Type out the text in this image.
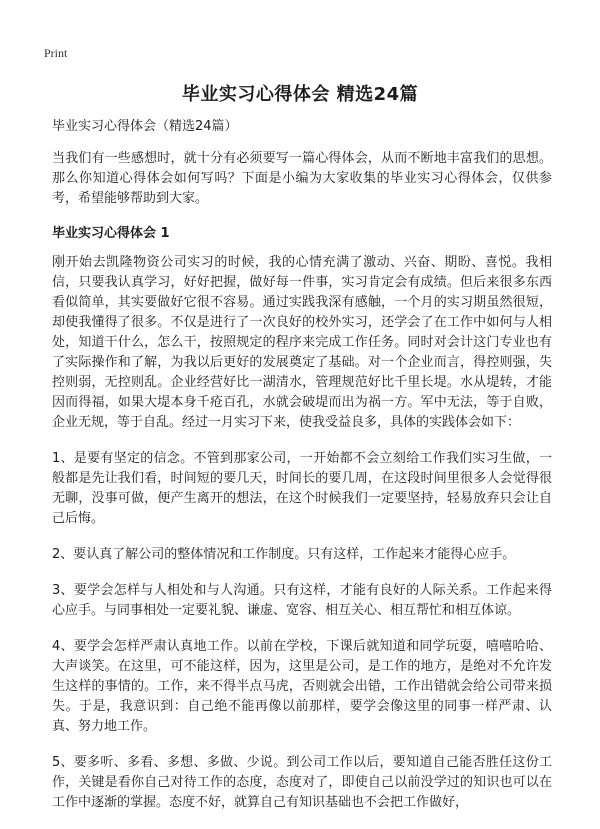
Print
毕业实习心得体会 精选24篇
毕业实习心得体会（精选24篇）

当我们有一些感想时，就十分有必须要写一篇心得体会，从而不断地丰富我们的思想。那么你知道心得体会如何写吗？下面是小编为大家收集的毕业实习心得体会，仅供参考，希望能够帮助到大家。

毕业实习心得体会 1

刚开始去凯隆物资公司实习的时候，我的心情充满了激动、兴奋、期盼、喜悦。我相信，只要我认真学习，好好把握，做好每一件事，实习肯定会有成绩。但后来很多东西看似简单，其实要做好它很不容易。通过实践我深有感触，一个月的实习期虽然很短，却使我懂得了很多。不仅是进行了一次良好的校外实习，还学会了在工作中如何与人相处，知道干什么，怎么干，按照规定的程序来完成工作任务。同时对会计这门专业也有了实际操作和了解，为我以后更好的发展奠定了基础。对一个企业而言，得控则强，失控则弱，无控则乱。企业经营好比一湖清水，管理规范好比千里长堤。水从堤转，才能因而得福，如果大堤本身千疮百孔，水就会破堤而出为祸一方。军中无法，等于自败，企业无规，等于自乱。经过一月实习下来，使我受益良多，具体的实践体会如下：

1、是要有坚定的信念。不管到那家公司，一开始都不会立刻给工作我们实习生做，一般都是先让我们看，时间短的要几天，时间长的要几周，在这段时间里很多人会觉得很无聊，没事可做，便产生离开的想法，在这个时候我们一定要坚持，轻易放弃只会让自己后悔。

2、要认真了解公司的整体情况和工作制度。只有这样，工作起来才能得心应手。

3、要学会怎样与人相处和与人沟通。只有这样，才能有良好的人际关系。工作起来得心应手。与同事相处一定要礼貌、谦虚、宽容、相互关心、相互帮忙和相互体谅。

4、要学会怎样严肃认真地工作。以前在学校，下课后就知道和同学玩耍，嘻嘻哈哈、大声谈笑。在这里，可不能这样，因为，这里是公司，是工作的地方，是绝对不允许发生这样的事情的。工作，来不得半点马虎，否则就会出错，工作出错就会给公司带来损失。于是，我意识到：自己绝不能再像以前那样，要学会像这里的同事一样严肃、认真、努力地工作。

5、要多听、多看、多想、多做、少说。到公司工作以后，要知道自己能否胜任这份工作，关键是看你自己对待工作的态度，态度对了，即使自己以前没学过的知识也可以在工作中逐渐的掌握。态度不好，就算自己有知识基础也不会把工作做好，
